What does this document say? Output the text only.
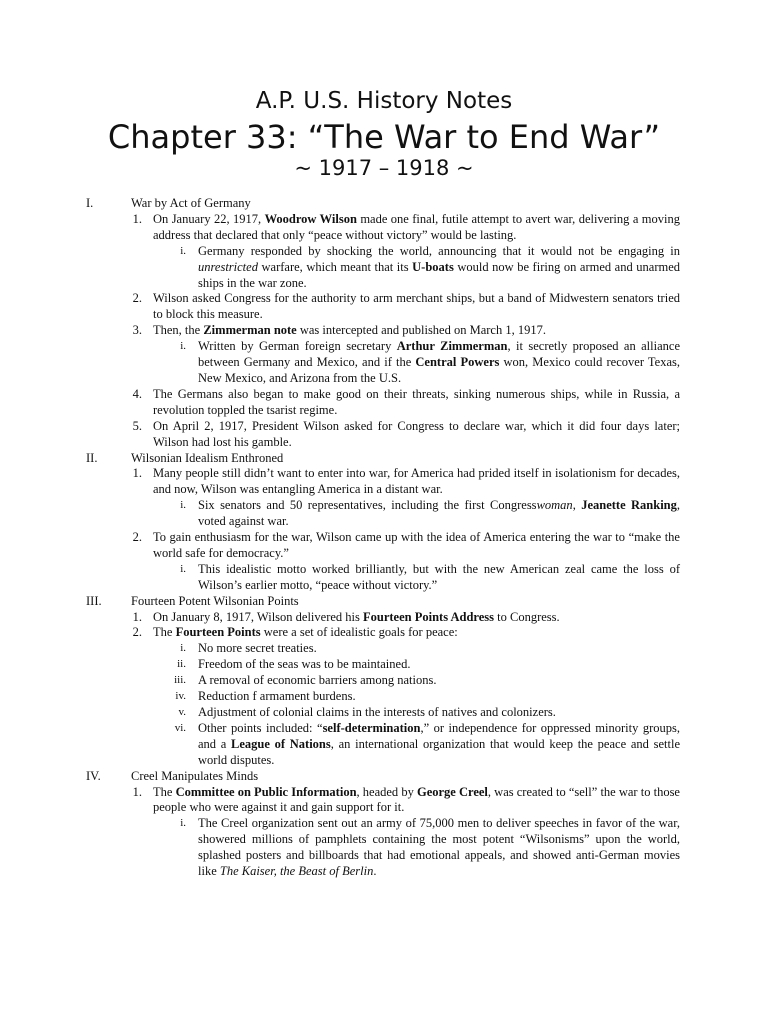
A.P. U.S. History Notes
Chapter 33: “The War to End War”
~ 1917 – 1918 ~
I.	War by Act of Germany
1. On January 22, 1917, Woodrow Wilson made one final, futile attempt to avert war, delivering a moving address that declared that only “peace without victory” would be lasting.
i. Germany responded by shocking the world, announcing that it would not be engaging in unrestricted warfare, which meant that its U-boats would now be firing on armed and unarmed ships in the war zone.
2. Wilson asked Congress for the authority to arm merchant ships, but a band of Midwestern senators tried to block this measure.
3. Then, the Zimmerman note was intercepted and published on March 1, 1917.
i. Written by German foreign secretary Arthur Zimmerman, it secretly proposed an alliance between Germany and Mexico, and if the Central Powers won, Mexico could recover Texas, New Mexico, and Arizona from the U.S.
4. The Germans also began to make good on their threats, sinking numerous ships, while in Russia, a revolution toppled the tsarist regime.
5. On April 2, 1917, President Wilson asked for Congress to declare war, which it did four days later; Wilson had lost his gamble.
II.	Wilsonian Idealism Enthroned
1. Many people still didn’t want to enter into war, for America had prided itself in isolationism for decades, and now, Wilson was entangling America in a distant war.
i. Six senators and 50 representatives, including the first Congresswoman, Jeanette Ranking, voted against war.
2. To gain enthusiasm for the war, Wilson came up with the idea of America entering the war to “make the world safe for democracy.”
i. This idealistic motto worked brilliantly, but with the new American zeal came the loss of Wilson’s earlier motto, “peace without victory.”
III. Fourteen Potent Wilsonian Points
1. On January 8, 1917, Wilson delivered his Fourteen Points Address to Congress.
2. The Fourteen Points were a set of idealistic goals for peace:
i. No more secret treaties.
ii. Freedom of the seas was to be maintained.
iii. A removal of economic barriers among nations.
iv. Reduction f armament burdens.
v. Adjustment of colonial claims in the interests of natives and colonizers.
vi. Other points included: “self-determination,” or independence for oppressed minority groups, and a League of Nations, an international organization that would keep the peace and settle world disputes.
IV. Creel Manipulates Minds
1. The Committee on Public Information, headed by George Creel, was created to “sell” the war to those people who were against it and gain support for it.
i. The Creel organization sent out an army of 75,000 men to deliver speeches in favor of the war, showered millions of pamphlets containing the most potent “Wilsonisms” upon the world, splashed posters and billboards that had emotional appeals, and showed anti-German movies like The Kaiser, the Beast of Berlin.
